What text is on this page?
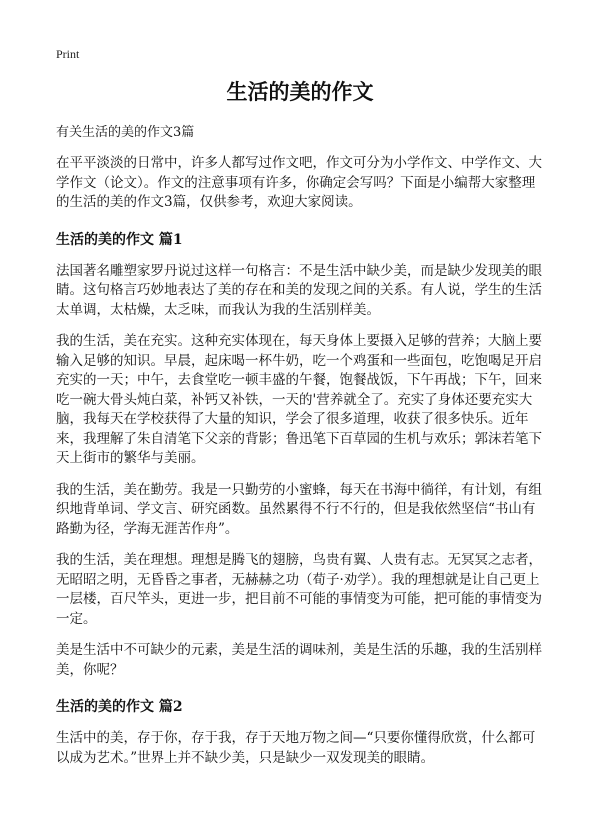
Print
生活的美的作文
有关生活的美的作文3篇

在平平淡淡的日常中，许多人都写过作文吧，作文可分为小学作文、中学作文、大学作文（论文）。作文的注意事项有许多，你确定会写吗？下面是小编帮大家整理的生活的美的作文3篇，仅供参考，欢迎大家阅读。

生活的美的作文 篇1

法国著名雕塑家罗丹说过这样一句格言：不是生活中缺少美，而是缺少发现美的眼睛。这句格言巧妙地表达了美的存在和美的发现之间的关系。有人说，学生的生活太单调，太枯燥，太乏味，而我认为我的生活别样美。

我的生活，美在充实。这种充实体现在，每天身体上要摄入足够的营养；大脑上要输入足够的知识。早晨，起床喝一杯牛奶，吃一个鸡蛋和一些面包，吃饱喝足开启充实的一天；中午，去食堂吃一顿丰盛的午餐，饱餐战饭，下午再战；下午，回来吃一碗大骨头炖白菜，补钙又补铁，一天的'营养就全了。充实了身体还要充实大脑，我每天在学校获得了大量的知识，学会了很多道理，收获了很多快乐。近年来，我理解了朱自清笔下父亲的背影；鲁迅笔下百草园的生机与欢乐；郭沫若笔下天上街市的繁华与美丽。

我的生活，美在勤劳。我是一只勤劳的小蜜蜂，每天在书海中徜徉，有计划，有组织地背单词、学文言、研究函数。虽然累得不行不行的，但是我依然坚信“书山有路勤为径，学海无涯苦作舟”。

我的生活，美在理想。理想是腾飞的翅膀，鸟贵有翼、人贵有志。无冥冥之志者，无昭昭之明，无昏昏之事者，无赫赫之功（荀子·劝学）。我的理想就是让自己更上一层楼，百尺竿头，更进一步，把目前不可能的事情变为可能，把可能的事情变为一定。

美是生活中不可缺少的元素，美是生活的调味剂，美是生活的乐趣，我的生活别样美，你呢？

生活的美的作文 篇2

生活中的美，存于你，存于我，存于天地万物之间—“只要你懂得欣赏，什么都可以成为艺术。”世界上并不缺少美，只是缺少一双发现美的眼睛。
